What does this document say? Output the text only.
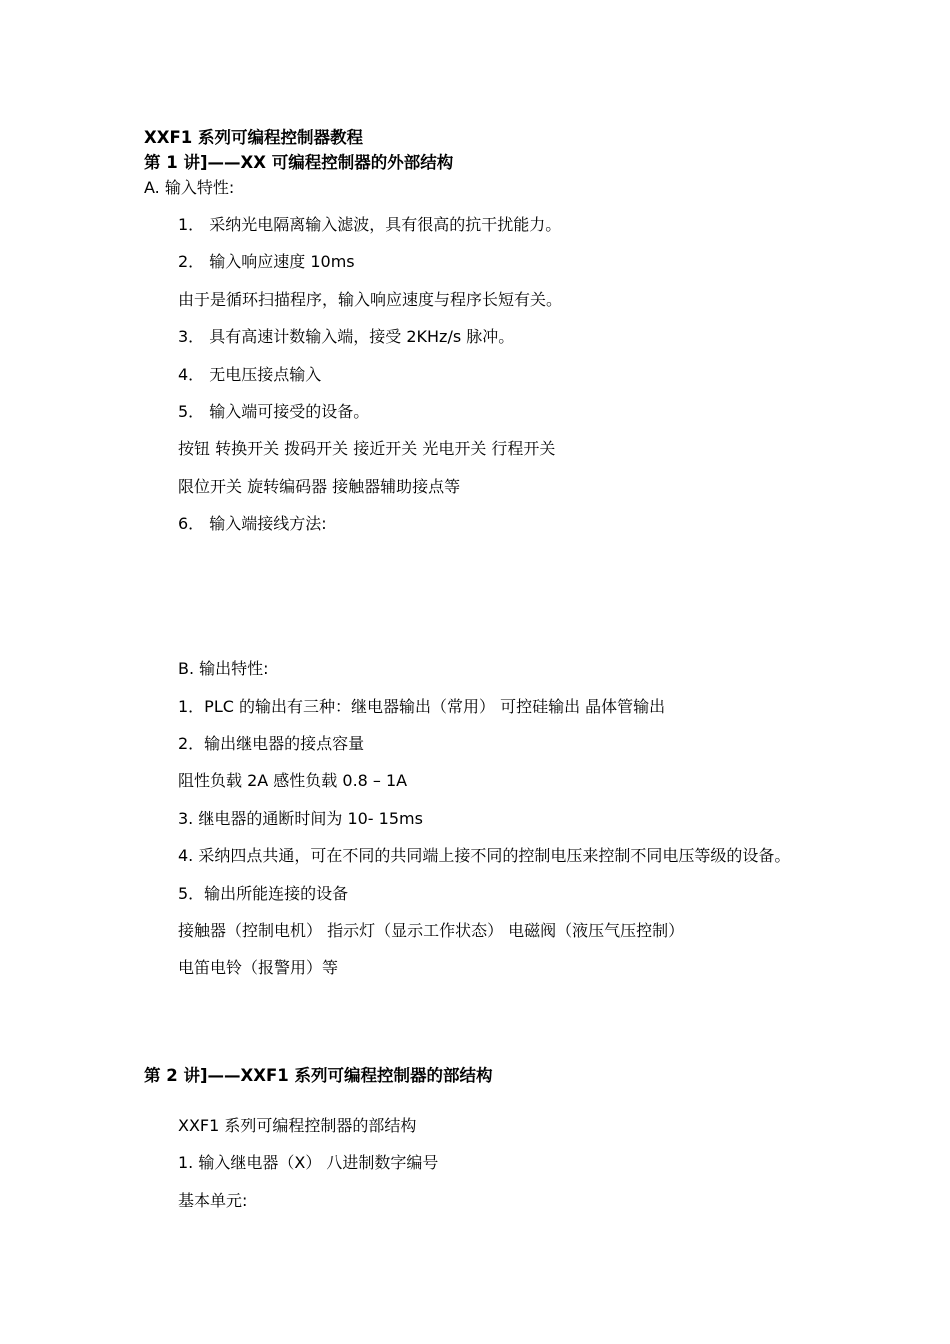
XXF1 系列可编程控制器教程
第 1 讲]——XX 可编程控制器的外部结构
A. 输入特性:
1． 采纳光电隔离输入滤波，具有很高的抗干扰能力。
2． 输入响应速度 10ms
由于是循环扫描程序，输入响应速度与程序长短有关。
3． 具有高速计数输入端，接受 2KHz/s 脉冲。
4． 无电压接点输入
5． 输入端可接受的设备。
按钮 转换开关 拨码开关 接近开关 光电开关 行程开关
限位开关 旋转编码器 接触器辅助接点等
6． 输入端接线方法:
B. 输出特性:
1．PLC 的输出有三种：继电器输出（常用） 可控硅输出 晶体管输出
2．输出继电器的接点容量
阻性负载 2A 感性负载 0.8 – 1A
3. 继电器的通断时间为 10- 15ms
4. 采纳四点共通，可在不同的共同端上接不同的控制电压来控制不同电压等级的设备。
5．输出所能连接的设备
接触器（控制电机） 指示灯（显示工作状态） 电磁阀（液压气压控制）
电笛电铃（报警用）等
第 2 讲]——XXF1 系列可编程控制器的部结构
XXF1 系列可编程控制器的部结构
1. 输入继电器（X） 八进制数字编号
基本单元:
